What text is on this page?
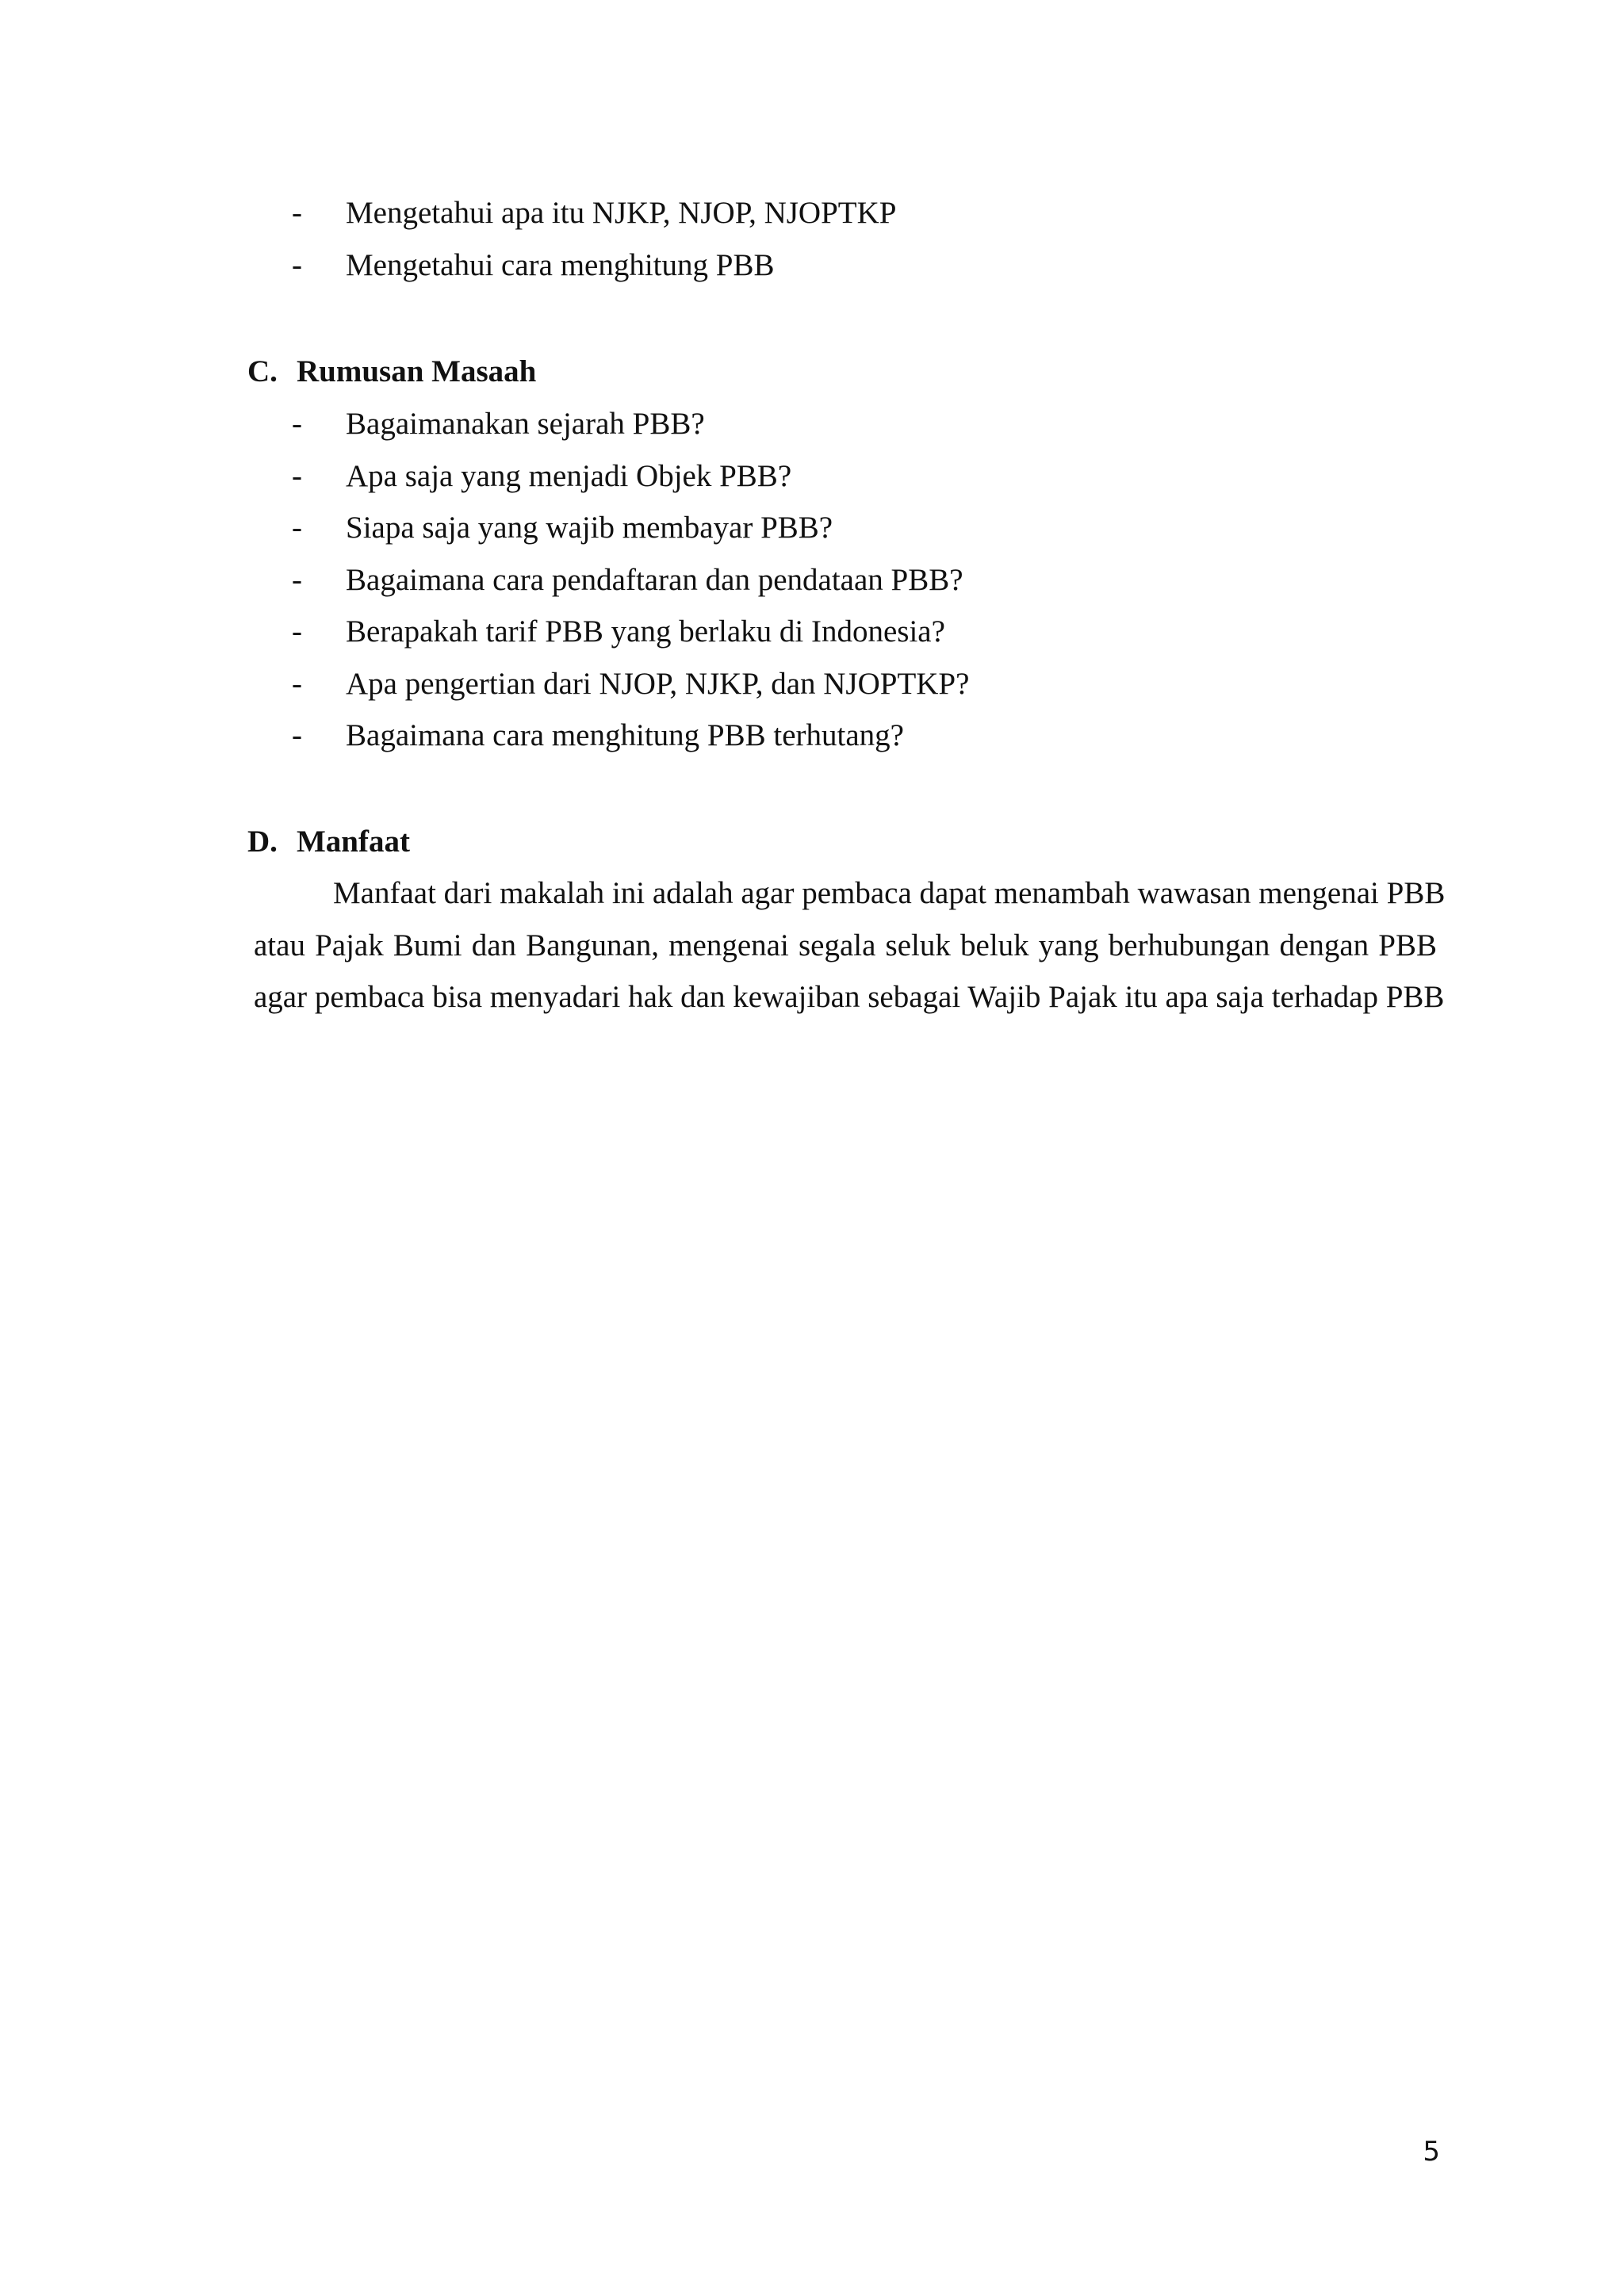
- Mengetahui apa itu NJKP, NJOP, NJOPTKP
- Mengetahui cara menghitung PBB
C. Rumusan Masaah
- Bagaimanakan sejarah PBB?
- Apa saja yang menjadi Objek PBB?
- Siapa saja yang wajib membayar PBB?
- Bagaimana cara pendaftaran dan pendataan PBB?
- Berapakah tarif PBB yang berlaku di Indonesia?
- Apa pengertian dari NJOP, NJKP, dan NJOPTKP?
- Bagaimana cara menghitung PBB terhutang?
D. Manfaat
Manfaat dari makalah ini adalah agar pembaca dapat menambah wawasan mengenai PBB
atau Pajak Bumi dan Bangunan, mengenai segala seluk beluk yang berhubungan dengan PBB
agar pembaca bisa menyadari hak dan kewajiban sebagai Wajib Pajak itu apa saja terhadap PBB
5
